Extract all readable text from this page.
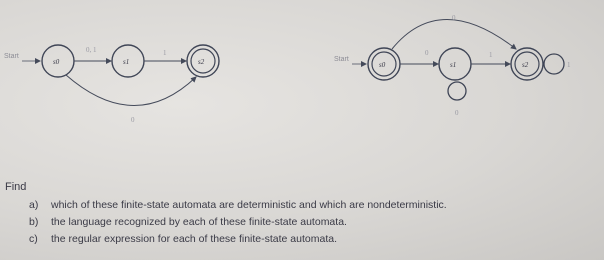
Start
s0
0, 1
s1
1
s2
0
Start
s0
0
0
s1
0
1
s2	1
Find
a) which of these finite-state automata are deterministic and which are nondeterministic.
b) the language recognized by each of these finite-state automata.
c) the regular expression for each of these finite-state automata.
